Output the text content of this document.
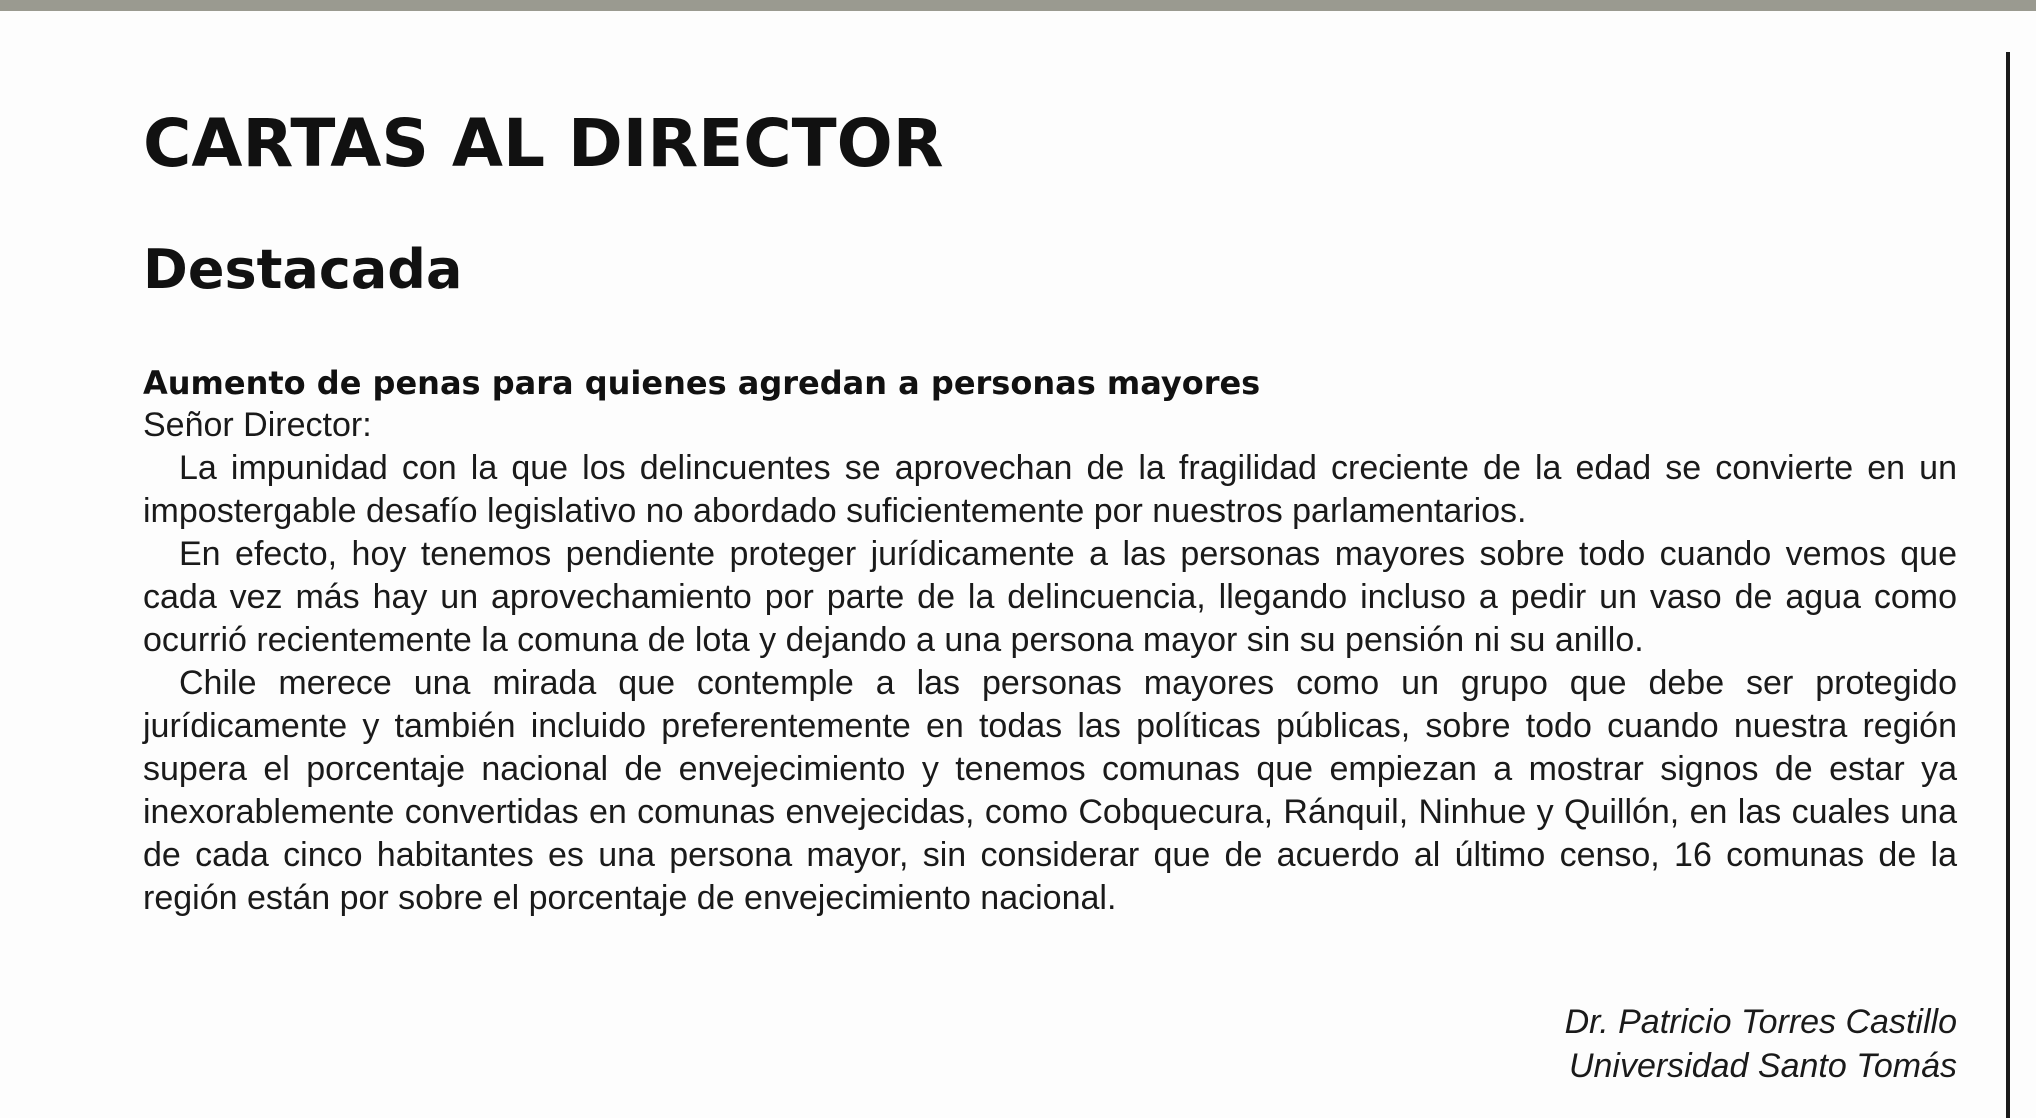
CARTAS AL DIRECTOR
Destacada
Aumento de penas para quienes agredan a personas mayores

Señor Director:

La impunidad con la que los delincuentes se aprovechan de la fragilidad creciente de la edad se convierte en un impostergable desafío legislativo no abordado suficientemente por nuestros parlamentarios.

En efecto, hoy tenemos pendiente proteger jurídicamente a las personas mayores sobre todo cuando vemos que cada vez más hay un aprovechamiento por parte de la delincuencia, llegando incluso a pedir un vaso de agua como ocurrió recientemente la comuna de lota y dejando a una persona mayor sin su pensión ni su anillo.

Chile merece una mirada que contemple a las personas mayores como un grupo que debe ser protegido jurídicamente y también incluido preferentemente en todas las políticas públicas, sobre todo cuando nuestra región supera el porcentaje nacional de envejecimiento y tenemos comunas que empiezan a mostrar signos de estar ya inexorablemente convertidas en comunas envejecidas, como Cobquecura, Ránquil, Ninhue y Quillón, en las cuales una de cada cinco habitantes es una persona mayor, sin considerar que de acuerdo al último censo, 16 comunas de la región están por sobre el porcentaje de envejecimiento nacional.

Dr. Patricio Torres Castillo
Universidad Santo Tomás
